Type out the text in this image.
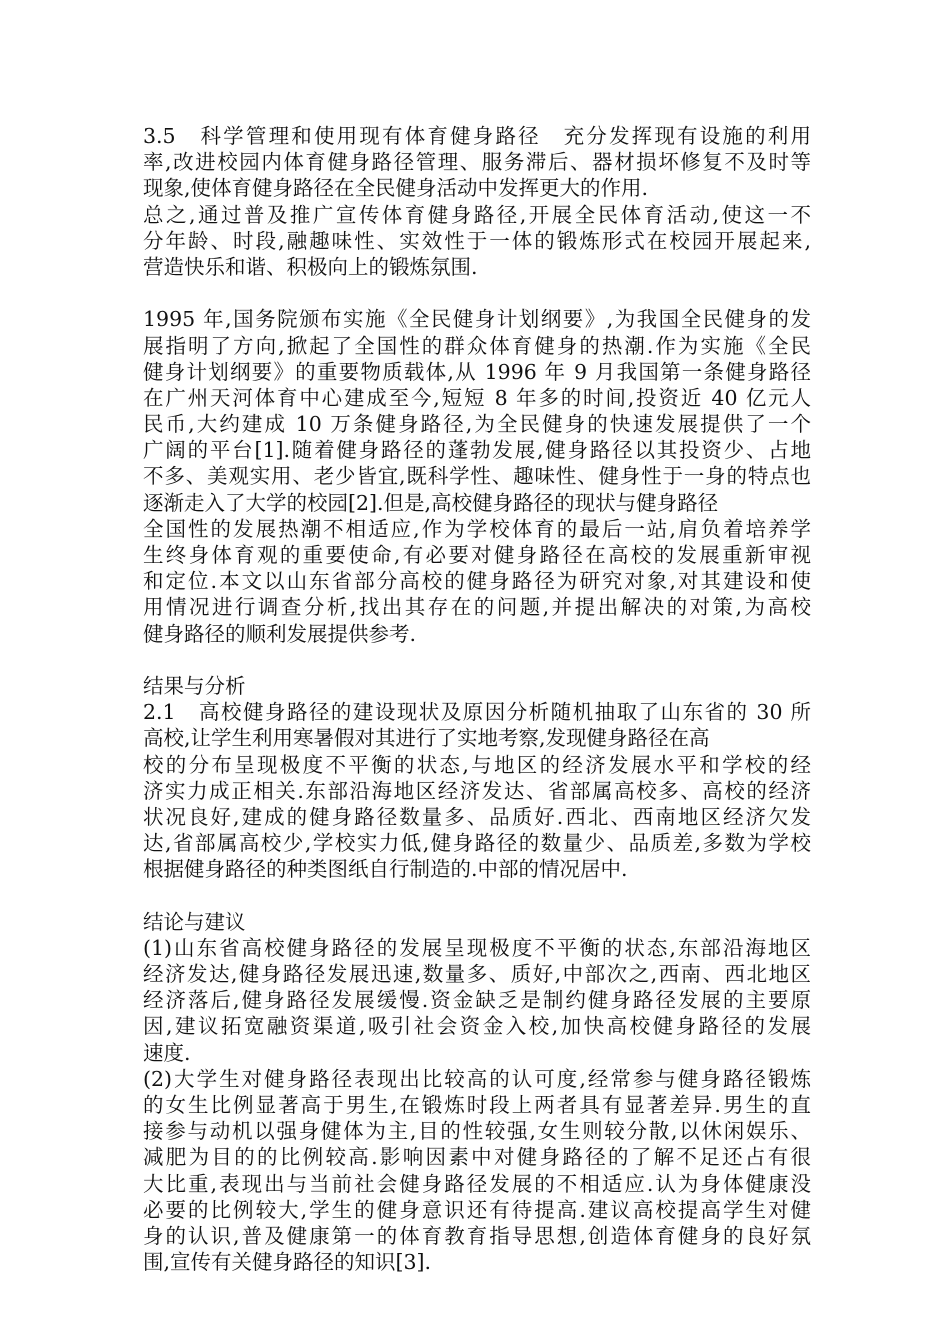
3.5　科学管理和使用现有体育健身路径　充分发挥现有设施的利用
率,改进校园内体育健身路径管理、服务滞后、器材损坏修复不及时等
现象,使体育健身路径在全民健身活动中发挥更大的作用.
总之,通过普及推广宣传体育健身路径,开展全民体育活动,使这一不
分年龄、时段,融趣味性、实效性于一体的锻炼形式在校园开展起来,
营造快乐和谐、积极向上的锻炼氛围.
1995 年,国务院颁布实施《全民健身计划纲要》,为我国全民健身的发
展指明了方向,掀起了全国性的群众体育健身的热潮.作为实施《全民
健身计划纲要》的重要物质载体,从 1996 年 9 月我国第一条健身路径
在广州天河体育中心建成至今,短短 8 年多的时间,投资近 40 亿元人
民币,大约建成 10 万条健身路径,为全民健身的快速发展提供了一个
广阔的平台[1].随着健身路径的蓬勃发展,健身路径以其投资少、占地
不多、美观实用、老少皆宜,既科学性、趣味性、健身性于一身的特点也
逐渐走入了大学的校园[2].但是,高校健身路径的现状与健身路径
全国性的发展热潮不相适应,作为学校体育的最后一站,肩负着培养学
生终身体育观的重要使命,有必要对健身路径在高校的发展重新审视
和定位.本文以山东省部分高校的健身路径为研究对象,对其建设和使
用情况进行调查分析,找出其存在的问题,并提出解决的对策,为高校
健身路径的顺利发展提供参考.
结果与分析
2.1　高校健身路径的建设现状及原因分析随机抽取了山东省的 30 所
高校,让学生利用寒暑假对其进行了实地考察,发现健身路径在高
校的分布呈现极度不平衡的状态,与地区的经济发展水平和学校的经
济实力成正相关.东部沿海地区经济发达、省部属高校多、高校的经济
状况良好,建成的健身路径数量多、品质好.西北、西南地区经济欠发
达,省部属高校少,学校实力低,健身路径的数量少、品质差,多数为学校
根据健身路径的种类图纸自行制造的.中部的情况居中.
结论与建议
(1)山东省高校健身路径的发展呈现极度不平衡的状态,东部沿海地区
经济发达,健身路径发展迅速,数量多、质好,中部次之,西南、西北地区
经济落后,健身路径发展缓慢.资金缺乏是制约健身路径发展的主要原
因,建议拓宽融资渠道,吸引社会资金入校,加快高校健身路径的发展
速度.
(2)大学生对健身路径表现出比较高的认可度,经常参与健身路径锻炼
的女生比例显著高于男生,在锻炼时段上两者具有显著差异.男生的直
接参与动机以强身健体为主,目的性较强,女生则较分散,以休闲娱乐、
减肥为目的的比例较高.影响因素中对健身路径的了解不足还占有很
大比重,表现出与当前社会健身路径发展的不相适应.认为身体健康没
必要的比例较大,学生的健身意识还有待提高.建议高校提高学生对健
身的认识,普及健康第一的体育教育指导思想,创造体育健身的良好氛
围,宣传有关健身路径的知识[3].
